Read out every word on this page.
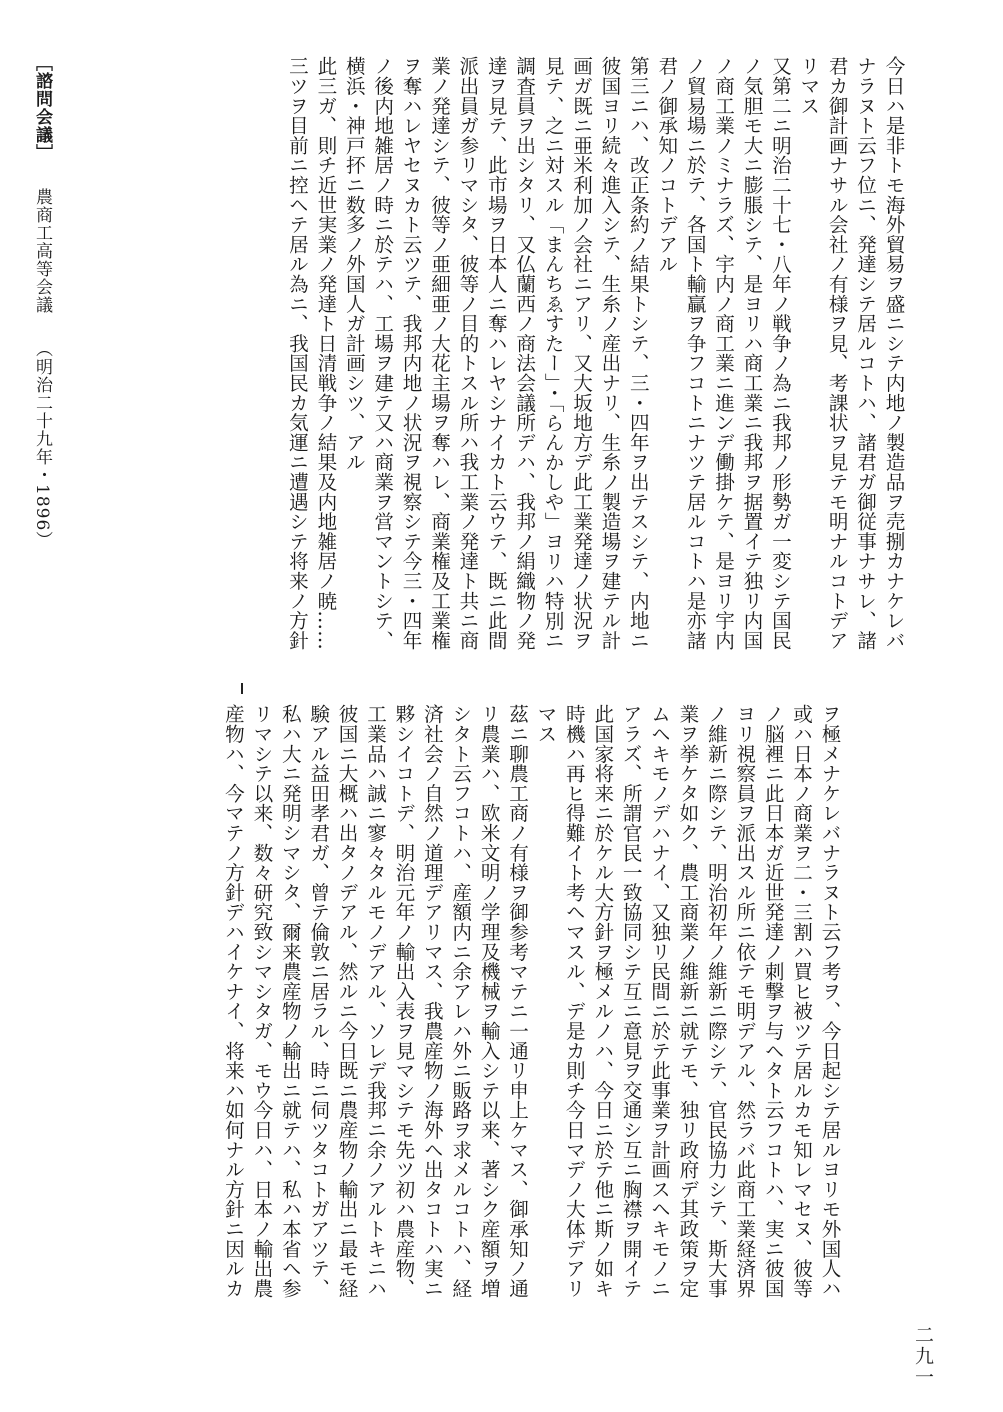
今日ハ是非トモ海外貿易ヲ盛ニシテ内地ノ製造品ヲ売捌カナケレバ
ナラヌト云フ位ニ、発達シテ居ルコトハ、諸君ガ御従事ナサレ、諸
君カ御計画ナサル会社ノ有様ヲ見、考課状ヲ見テモ明ナルコトデア
リマス
又第二ニ明治二十七・八年ノ戦争ノ為ニ我邦ノ形勢ガ一変シテ国民
ノ気胆モ大ニ膨脹シテ、是ヨリハ商工業ニ我邦ヲ据置イテ独リ内国
ノ商工業ノミナラズ、宇内ノ商工業ニ進ンデ働掛ケテ、是ヨリ宇内
ノ貿易場ニ於テ、各国ト輸贏ヲ争フコトニナツテ居ルコトハ是亦諸
君ノ御承知ノコトデアル
第三ニハ、改正条約ノ結果トシテ、三・四年ヲ出テスシテ、内地ニ
彼国ヨリ続々進入シテ、生糸ノ産出ナリ、生糸ノ製造場ヲ建テル計
画ガ既ニ亜米利加ノ会社ニアリ、又大坂地方デ此工業発達ノ状況ヲ
見テ、之ニ対スル「まんちゑすたー」・「らんかしや」ヨリハ特別ニ
調査員ヲ出シタリ、又仏蘭西ノ商法会議所デハ、我邦ノ絹織物ノ発
達ヲ見テ、此市場ヲ日本人ニ奪ハレヤシナイカト云ウテ、既ニ此間
派出員ガ参リマシタ、彼等ノ目的トスル所ハ我工業ノ発達ト共ニ商
業ノ発達シテ、彼等ノ亜細亜ノ大花主場ヲ奪ハレ、商業権及工業権
ヲ奪ハレヤセヌカト云ツテ、我邦内地ノ状況ヲ視察シテ今三・四年
ノ後内地雑居ノ時ニ於テハ、工場ヲ建テ又ハ商業ヲ営マントシテ、
横浜・神戸抔ニ数多ノ外国人ガ計画シツ、アル
此三ガ、則チ近世実業ノ発達ト日清戦争ノ結果及内地雑居ノ暁……
三ツヲ目前ニ控ヘテ居ル為ニ、我国民カ気運ニ遭遇シテ将来ノ方針
［諮問会議］農商工高等会議（明治二十九年・1896）
ヲ極メナケレバナラヌト云フ考ヲ、今日起シテ居ルヨリモ外国人ハ
或ハ日本ノ商業ヲ二・三割ハ買ヒ被ツテ居ルカモ知レマセヌ、彼等
ノ脳裡ニ此日本ガ近世発達ノ刺撃ヲ与ヘタト云フコトハ、実ニ彼国
ヨリ視察員ヲ派出スル所ニ依テモ明デアル、然ラバ此商工業経済界
ノ維新ニ際シテ、明治初年ノ維新ニ際シテ、官民協力シテ、斯大事
業ヲ挙ケタ如ク、農工商業ノ維新ニ就テモ、独リ政府デ其政策ヲ定
ムヘキモノデハナイ、又独リ民間ニ於テ此事業ヲ計画スヘキモノニ
アラズ、所謂官民一致協同シテ互ニ意見ヲ交通シ互ニ胸襟ヲ開イテ
此国家将来ニ於ケル大方針ヲ極メルノハ、今日ニ於テ他ニ斯ノ如キ
時機ハ再ヒ得難イト考ヘマスル、デ是カ則チ今日マデノ大体デアリ
マス
茲ニ聊農工商ノ有様ヲ御参考マテニ一通リ申上ケマス、御承知ノ通
リ農業ハ、欧米文明ノ学理及機械ヲ輸入シテ以来、著シク産額ヲ増
シタト云フコトハ、産額内ニ余アレハ外ニ販路ヲ求メルコトハ、経
済社会ノ自然ノ道理デアリマス、我農産物ノ海外ヘ出タコトハ実ニ
夥シイコトデ、明治元年ノ輸出入表ヲ見マシテモ先ツ初ハ農産物、
工業品ハ誠ニ寥々タルモノデアル、ソレデ我邦ニ余ノアルトキニハ
彼国ニ大概ハ出タノデアル、然ルニ今日既ニ農産物ノ輸出ニ最モ経
験アル益田孝君ガ、曾テ倫敦ニ居ラル、時ニ伺ツタコトガアツテ、
私ハ大ニ発明シマシタ、爾来農産物ノ輸出ニ就テハ、私ハ本省ヘ参
リマシテ以来、数々研究致シマシタガ、モウ今日ハ、日本ノ輸出農
産物ハ、今マテノ方針デハイケナイ、将来ハ如何ナル方針ニ因ルカ
二九一
